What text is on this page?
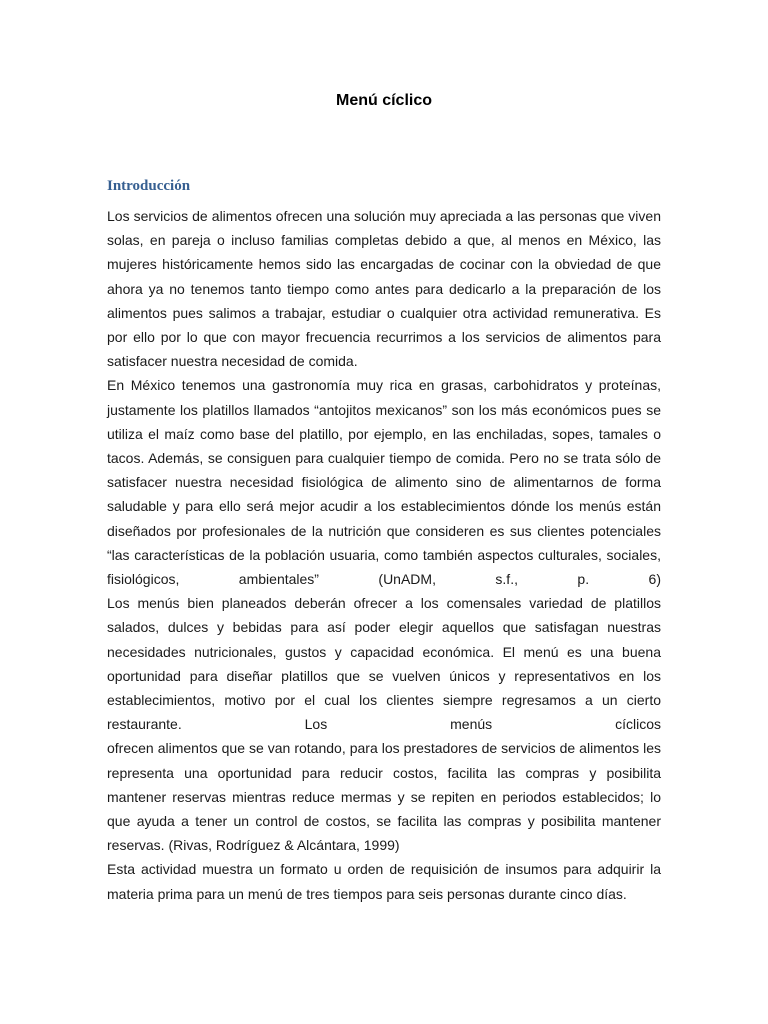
Menú cíclico
Introducción

Los servicios de alimentos ofrecen una solución muy apreciada a las personas que viven solas, en pareja o incluso familias completas debido a que, al menos en México, las mujeres históricamente hemos sido las encargadas de cocinar con la obviedad de que ahora ya no tenemos tanto tiempo como antes para dedicarlo a la preparación de los alimentos pues salimos a trabajar, estudiar o cualquier otra actividad remunerativa. Es por ello por lo que con mayor frecuencia recurrimos a los servicios de alimentos para satisfacer nuestra necesidad de comida.

En México tenemos una gastronomía muy rica en grasas, carbohidratos y proteínas, justamente los platillos llamados “antojitos mexicanos” son los más económicos pues se utiliza el maíz como base del platillo, por ejemplo, en las enchiladas, sopes, tamales o tacos. Además, se consiguen para cualquier tiempo de comida. Pero no se trata sólo de satisfacer nuestra necesidad fisiológica de alimento sino de alimentarnos de forma saludable y para ello será mejor acudir a los establecimientos dónde los menús están diseñados por profesionales de la nutrición que consideren es sus clientes potenciales “las características de la población usuaria, como también aspectos culturales, sociales, fisiológicos, ambientales” (UnADM, s.f., p. 6)

Los menús bien planeados deberán ofrecer a los comensales variedad de platillos salados, dulces y bebidas para así poder elegir aquellos que satisfagan nuestras necesidades nutricionales, gustos y capacidad económica. El menú es una buena oportunidad para diseñar platillos que se vuelven únicos y representativos en los establecimientos, motivo por el cual los clientes siempre regresamos a un cierto restaurante. Los menús cíclicos

ofrecen alimentos que se van rotando, para los prestadores de servicios de alimentos les representa una oportunidad para reducir costos, facilita las compras y posibilita mantener reservas mientras reduce mermas y se repiten en periodos establecidos; lo que ayuda a tener un control de costos, se facilita las compras y posibilita mantener reservas. (Rivas, Rodríguez & Alcántara, 1999)

Esta actividad muestra un formato u orden de requisición de insumos para adquirir la materia prima para un menú de tres tiempos para seis personas durante cinco días.
